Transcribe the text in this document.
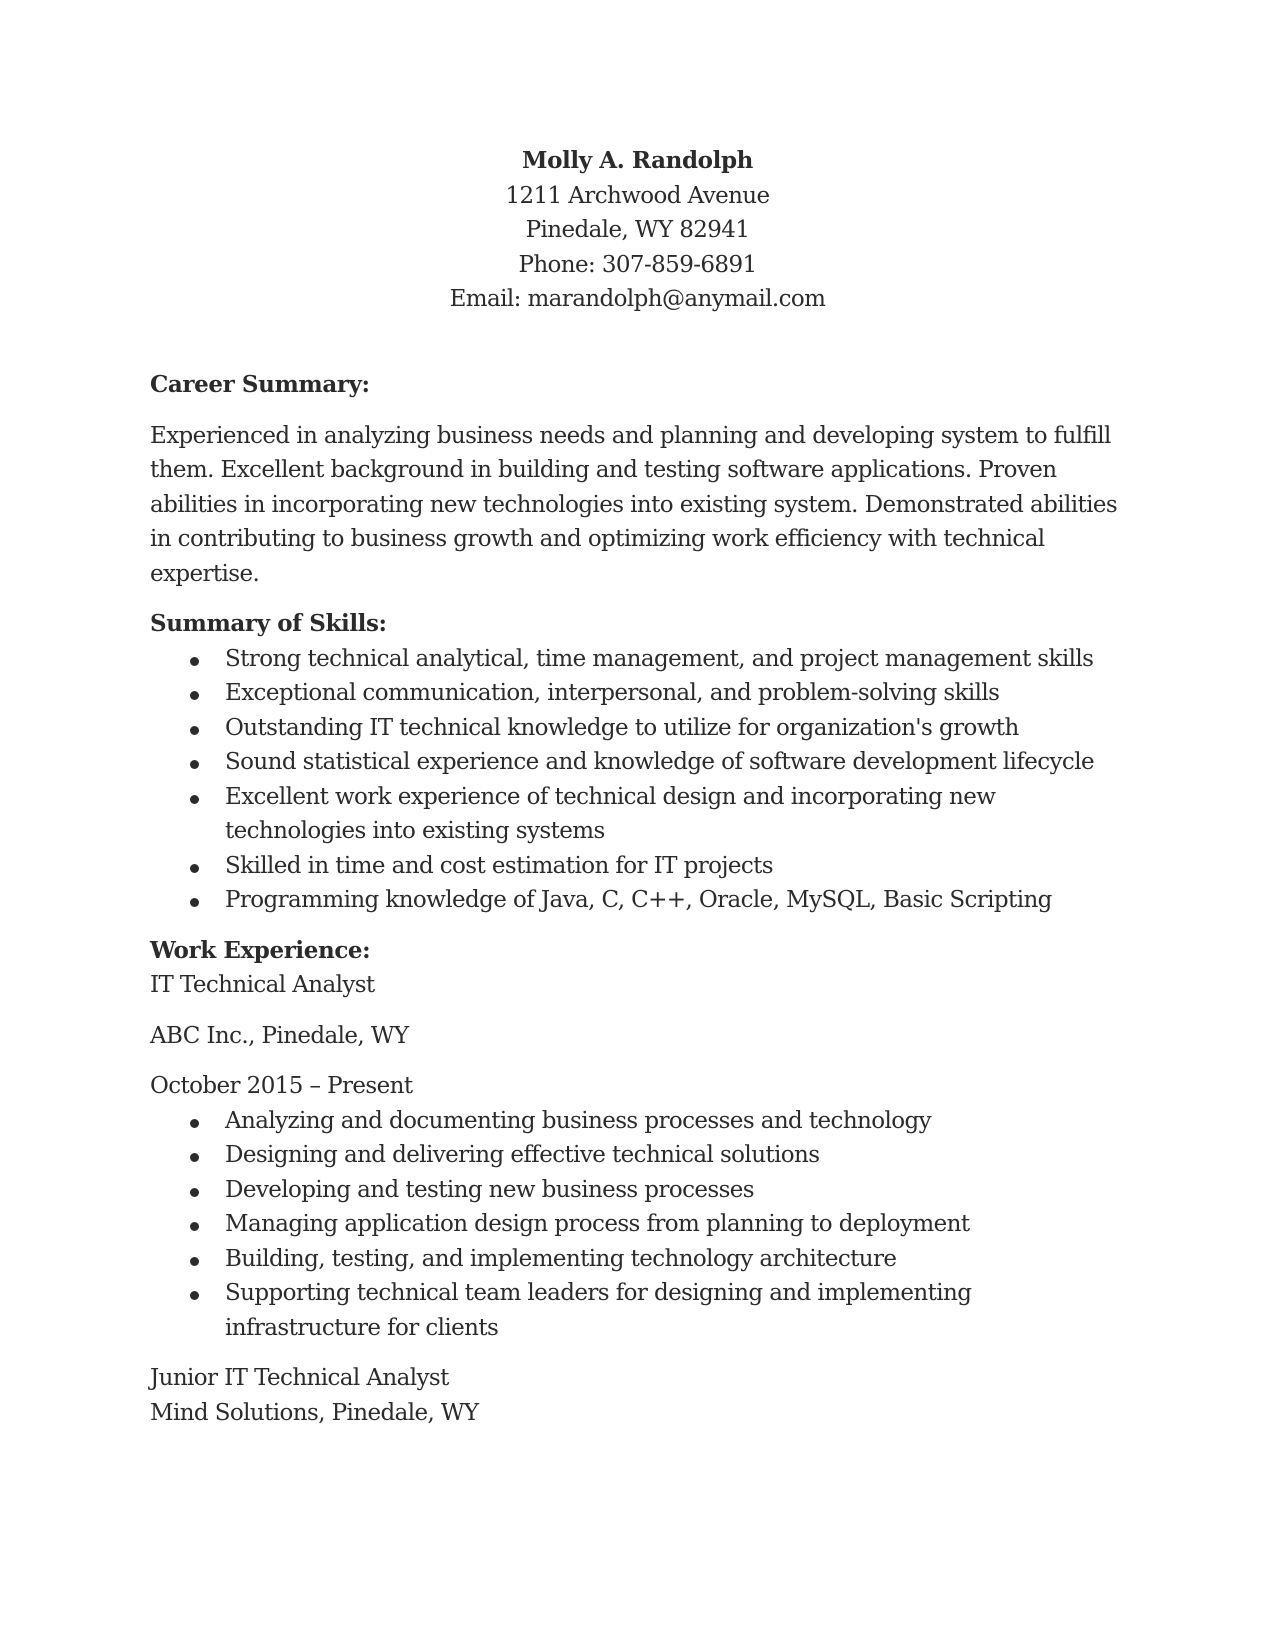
Molly A. Randolph
1211 Archwood Avenue
Pinedale, WY 82941
Phone: 307-859-6891
Email: marandolph@anymail.com
Career Summary:

Experienced in analyzing business needs and planning and developing system to fulfill them. Excellent background in building and testing software applications. Proven abilities in incorporating new technologies into existing system. Demonstrated abilities in contributing to business growth and optimizing work efficiency with technical expertise.

Summary of Skills:
Strong technical analytical, time management, and project management skills
Exceptional communication, interpersonal, and problem-solving skills
Outstanding IT technical knowledge to utilize for organization's growth
Sound statistical experience and knowledge of software development lifecycle
Excellent work experience of technical design and incorporating new technologies into existing systems
Skilled in time and cost estimation for IT projects
Programming knowledge of Java, C, C++, Oracle, MySQL, Basic Scripting
Work Experience:
IT Technical Analyst
ABC Inc., Pinedale, WY
October 2015 – Present
Analyzing and documenting business processes and technology
Designing and delivering effective technical solutions
Developing and testing new business processes
Managing application design process from planning to deployment
Building, testing, and implementing technology architecture
Supporting technical team leaders for designing and implementing infrastructure for clients
Junior IT Technical Analyst
Mind Solutions, Pinedale, WY
